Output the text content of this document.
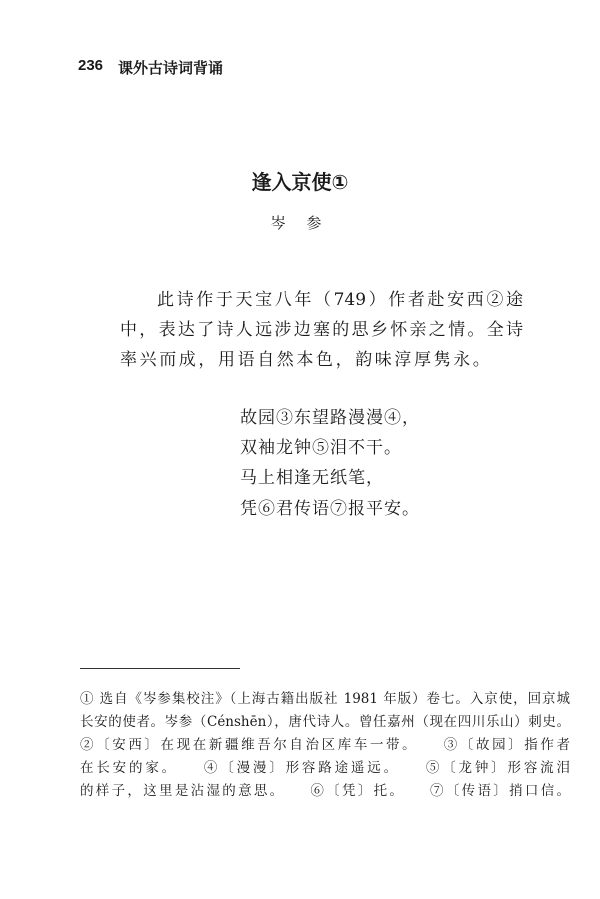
236 课外古诗词背诵
逢入京使①
岑 参
此诗作于天宝八年（749）作者赴安西②途
中，表达了诗人远涉边塞的思乡怀亲之情。全诗
率兴而成，用语自然本色，韵味淳厚隽永。
故园③东望路漫漫④，
双袖龙钟⑤泪不干。
马上相逢无纸笔，
凭⑥君传语⑦报平安。
① 选自《岑参集校注》（上海古籍出版社 1981 年版）卷七。入京使，回京城
长安的使者。岑参（Cénshēn），唐代诗人。曾任嘉州（现在四川乐山）刺史。
②〔安西〕在现在新疆维吾尔自治区库车一带。　　③〔故园〕指作者
在长安的家。　　④〔漫漫〕形容路途遥远。　　⑤〔龙钟〕形容流泪
的样子，这里是沾湿的意思。　　⑥〔凭〕托。　　⑦〔传语〕捎口信。
